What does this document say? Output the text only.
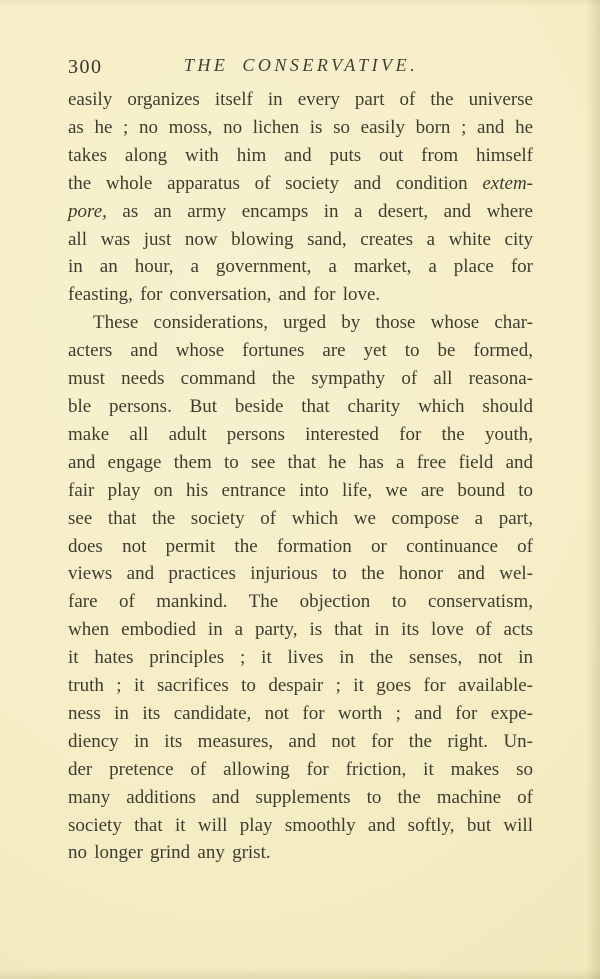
300	THE CONSERVATIVE.
easily organizes itself in every part of the universe
as he ; no moss, no lichen is so easily born ; and he
takes along with him and puts out from himself
the whole apparatus of society and condition extem-
pore, as an army encamps in a desert, and where
all was just now blowing sand, creates a white city
in an hour, a government, a market, a place for
feasting, for conversation, and for love.
These considerations, urged by those whose char-
acters and whose fortunes are yet to be formed,
must needs command the sympathy of all reasona-
ble persons. But beside that charity which should
make all adult persons interested for the youth,
and engage them to see that he has a free field and
fair play on his entrance into life, we are bound to
see that the society of which we compose a part,
does not permit the formation or continuance of
views and practices injurious to the honor and wel-
fare of mankind. The objection to conservatism,
when embodied in a party, is that in its love of acts
it hates principles ; it lives in the senses, not in
truth ; it sacrifices to despair ; it goes for available-
ness in its candidate, not for worth ; and for expe-
diency in its measures, and not for the right. Un-
der pretence of allowing for friction, it makes so
many additions and supplements to the machine of
society that it will play smoothly and softly, but will
no longer grind any grist.
